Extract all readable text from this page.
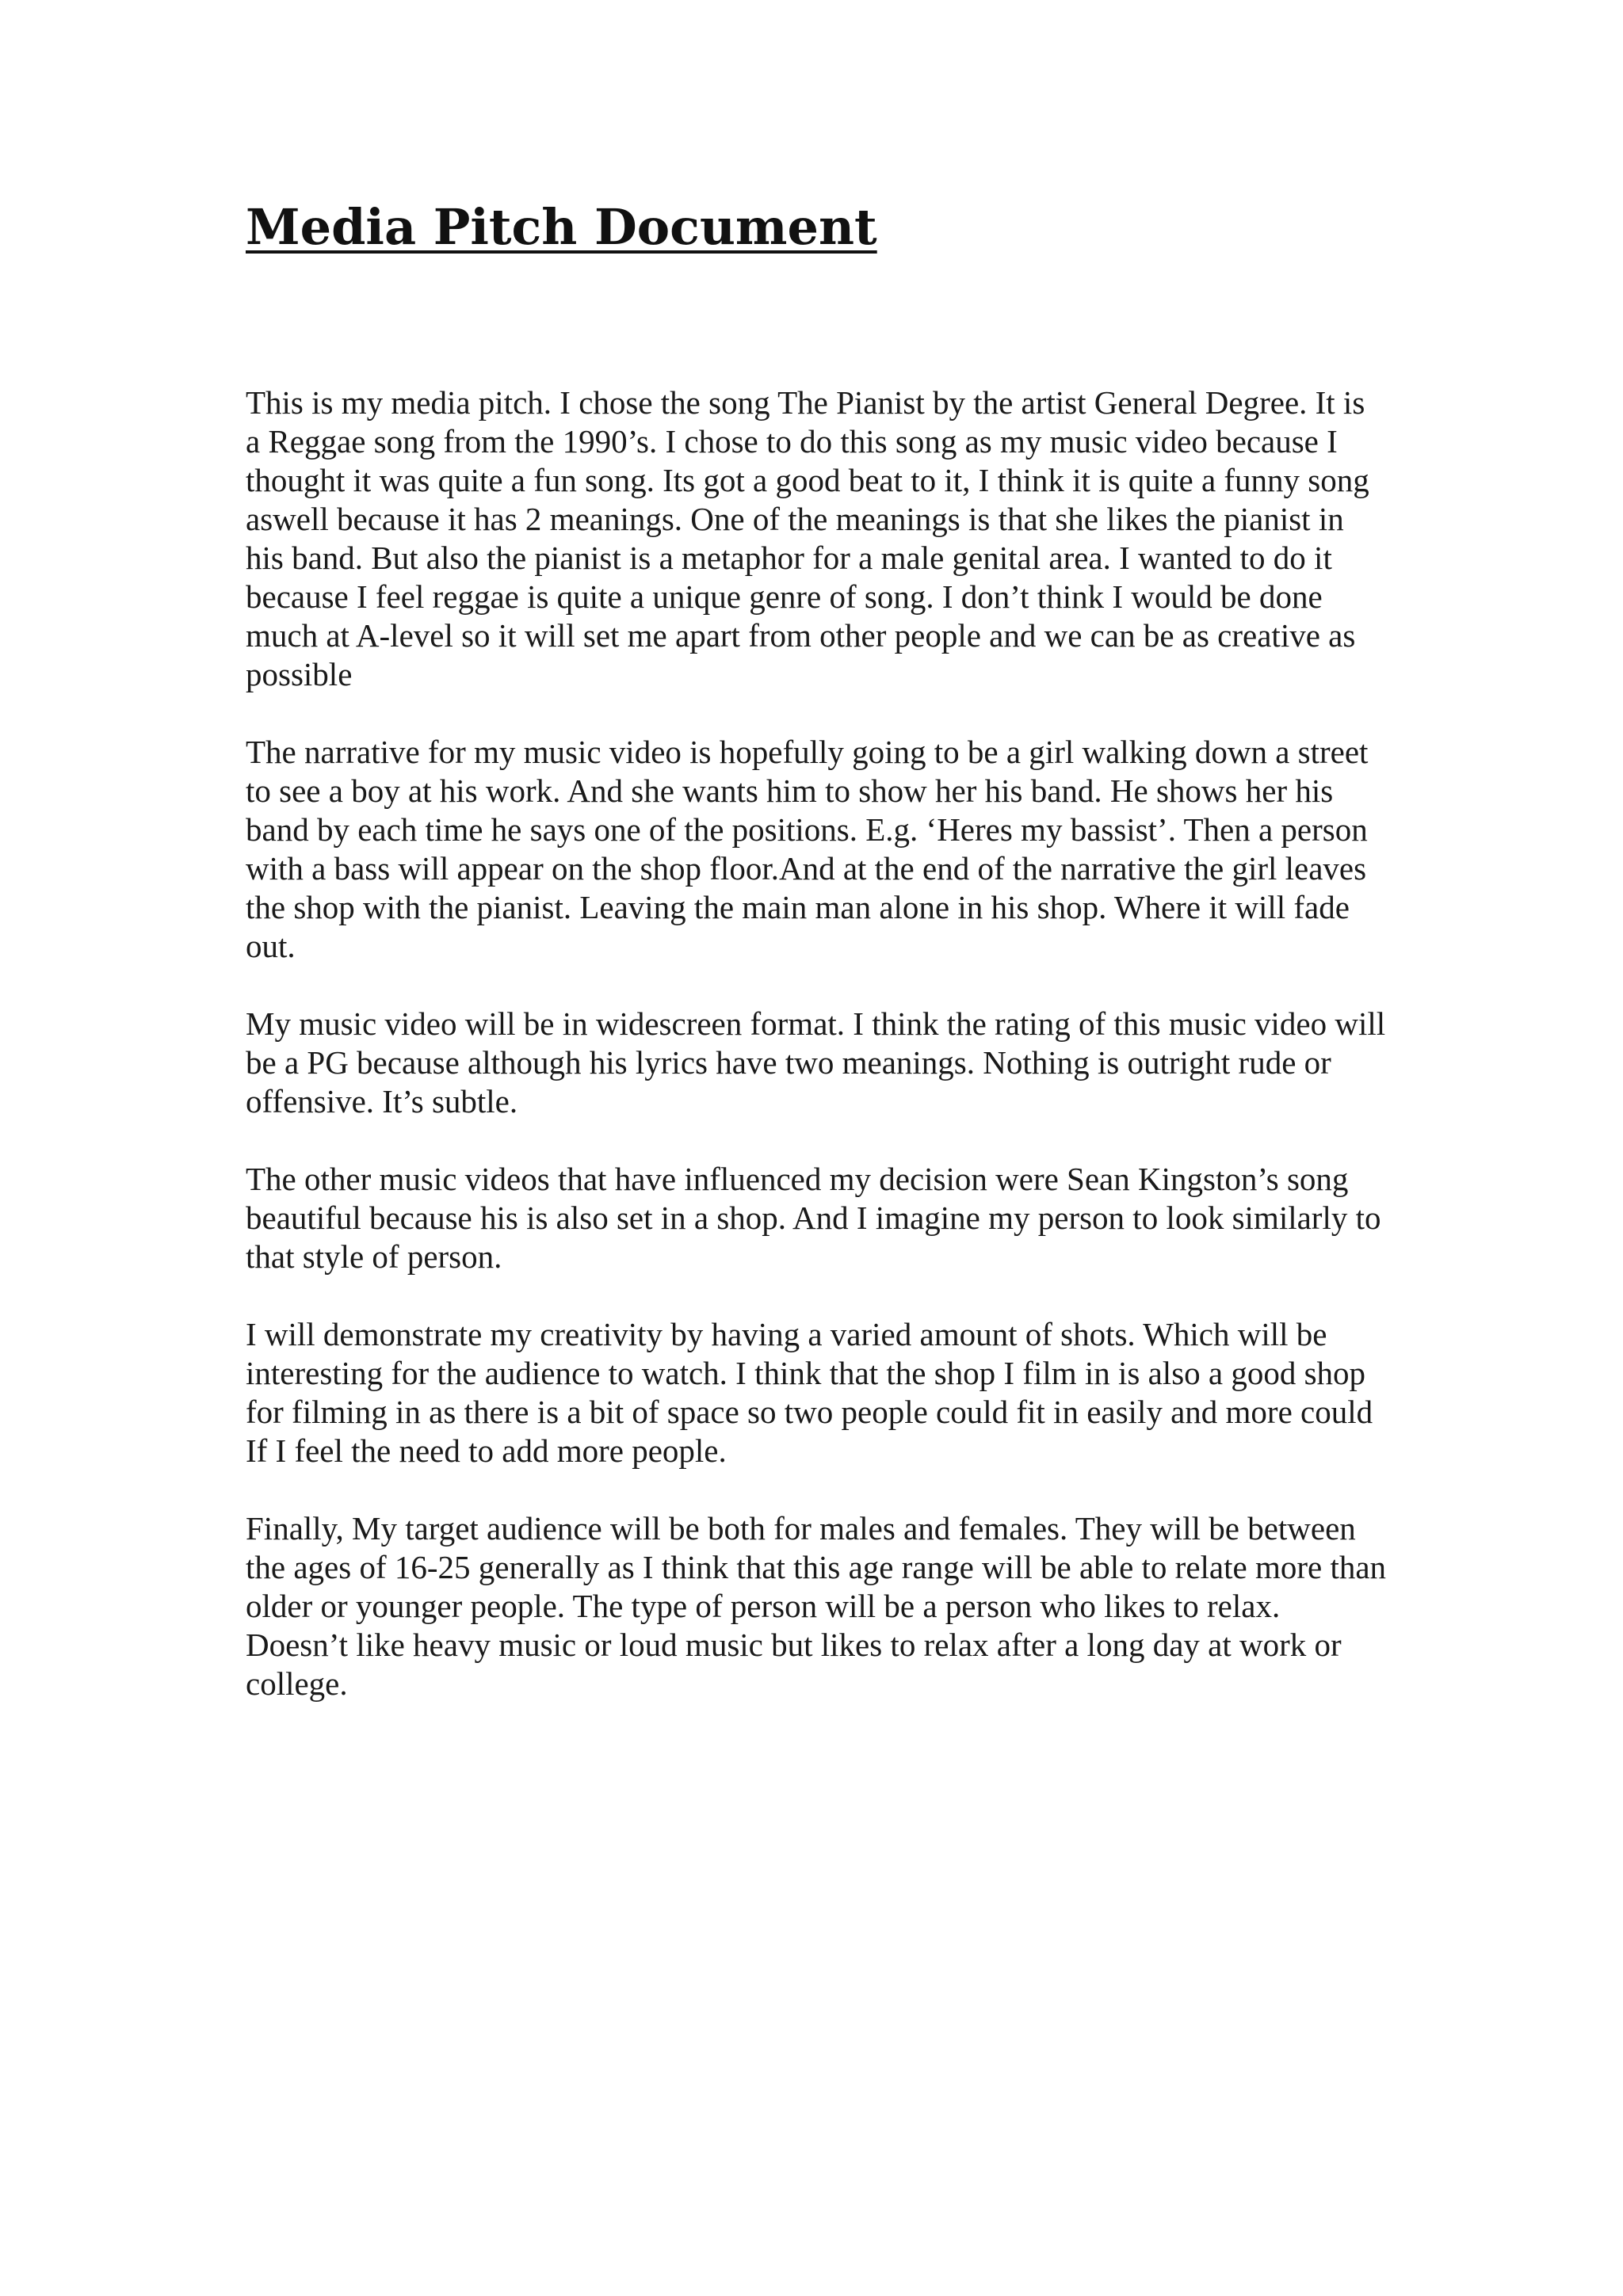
Media Pitch Document

This is my media pitch. I chose the song The Pianist by the artist General Degree. It is a Reggae song from the 1990’s. I chose to do this song as my music video because I thought it was quite a fun song. Its got a good beat to it, I think it is quite a funny song aswell because it has 2 meanings. One of the meanings is that she likes the pianist in his band. But also the pianist is a metaphor for a male genital area. I wanted to do it because I feel reggae is quite a unique genre of song. I don’t think I would be done much at A-level so it will set me apart from other people and we can be as creative as possible

The narrative for my music video is hopefully going to be a girl walking down a street to see a boy at his work. And she wants him to show her his band. He shows her his band by each time he says one of the positions. E.g. ‘Heres my bassist’. Then a person with a bass will appear on the shop floor.And at the end of the narrative the girl leaves the shop with the pianist. Leaving the main man alone in his shop. Where it will fade out.

My music video will be in widescreen format. I think the rating of this music video will be a PG because although his lyrics have two meanings. Nothing is outright rude or offensive. It’s subtle.

The other music videos that have influenced my decision were Sean Kingston’s song beautiful because his is also set in a shop. And I imagine my person to look similarly to that style of person.

I will demonstrate my creativity by having a varied amount of shots. Which will be interesting for the audience to watch. I think that the shop I film in is also a good shop for filming in as there is a bit of space so two people could fit in easily and more could If I feel the need to add more people.

Finally, My target audience will be both for males and females. They will be between the ages of 16-25 generally as I think that this age range will be able to relate more than older or younger people. The type of person will be a person who likes to relax. Doesn’t like heavy music or loud music but likes to relax after a long day at work or college.
